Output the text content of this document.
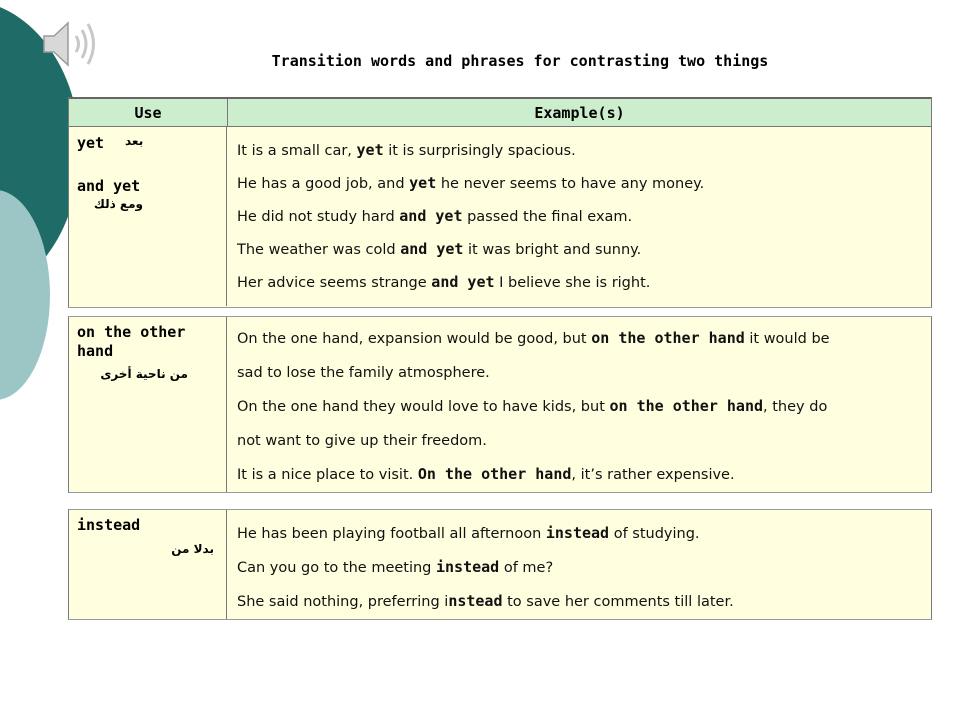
Transition words and phrases for contrasting two things
Use	Example(s)
yet بعد
and yet
ومع ذلك
It is a small car, yet it is surprisingly spacious.
He has a good job, and yet he never seems to have any money.
He did not study hard and yet passed the final exam.
The weather was cold and yet it was bright and sunny.
Her advice seems strange and yet I believe she is right.
on the other hand
من ناحية أخرى
On the one hand, expansion would be good, but on the other hand it would be
sad to lose the family atmosphere.
On the one hand they would love to have kids, but on the other hand, they do
not want to give up their freedom.
It is a nice place to visit. On the other hand, it’s rather expensive.
instead
بدلا من
He has been playing football all afternoon instead of studying.
Can you go to the meeting instead of me?
She said nothing, preferring instead to save her comments till later.
